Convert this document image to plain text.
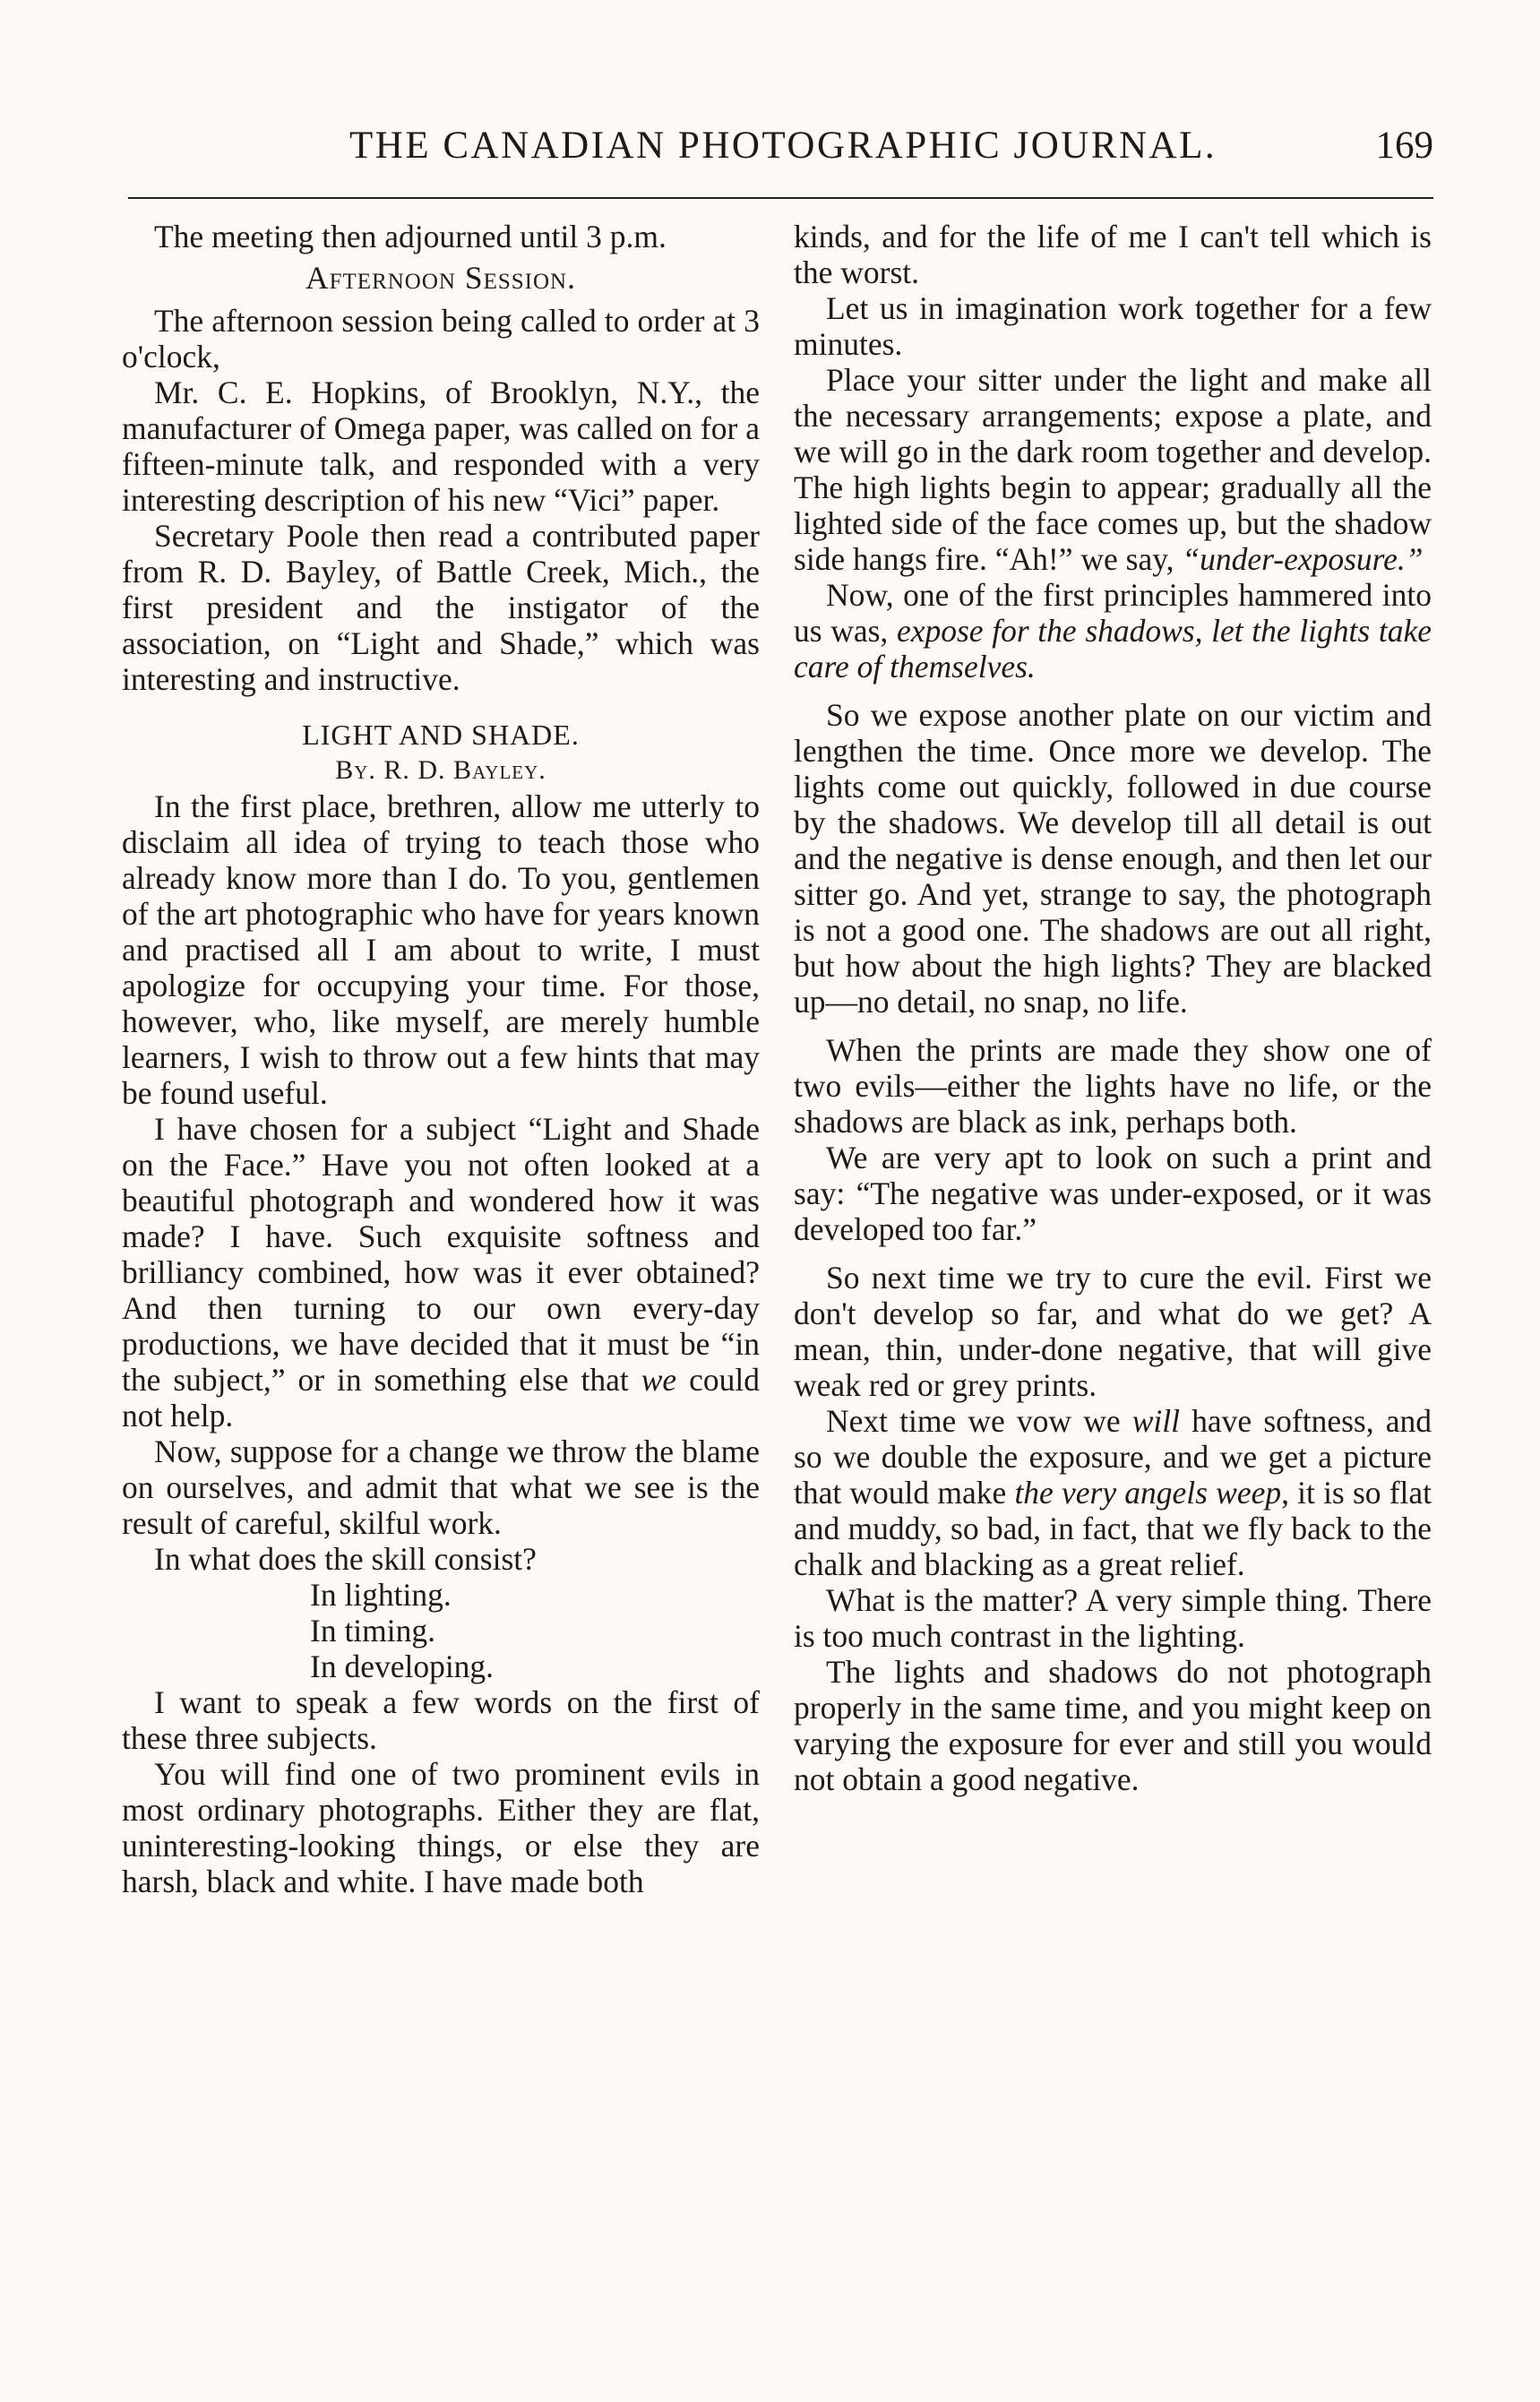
THE CANADIAN PHOTOGRAPHIC JOURNAL.	169

The meeting then adjourned until 3 p.m.

Afternoon Session.

The afternoon session being called to order at 3 o'clock,

Mr. C. E. Hopkins, of Brooklyn, N.Y., the manufacturer of Omega paper, was called on for a fifteen-minute talk, and responded with a very interesting description of his new “Vici” paper.

Secretary Poole then read a contributed paper from R. D. Bayley, of Battle Creek, Mich., the first president and the instigator of the association, on “Light and Shade,” which was interesting and instructive.

LIGHT AND SHADE.

By. R. D. Bayley.

In the first place, brethren, allow me utterly to disclaim all idea of trying to teach those who already know more than I do. To you, gentlemen of the art photographic who have for years known and practised all I am about to write, I must apologize for occupying your time. For those, however, who, like myself, are merely humble learners, I wish to throw out a few hints that may be found useful.

I have chosen for a subject “Light and Shade on the Face.” Have you not often looked at a beautiful photograph and wondered how it was made? I have. Such exquisite softness and brilliancy combined, how was it ever obtained? And then turning to our own every-day productions, we have decided that it must be “in the subject,” or in something else that we could not help.

Now, suppose for a change we throw the blame on ourselves, and admit that what we see is the result of careful, skilful work.

In what does the skill consist?

In lighting.

In timing.

In developing.

I want to speak a few words on the first of these three subjects.

You will find one of two prominent evils in most ordinary photographs. Either they are flat, uninteresting-looking things, or else they are harsh, black and white. I have made both

kinds, and for the life of me I can't tell which is the worst.

Let us in imagination work together for a few minutes.

Place your sitter under the light and make all the necessary arrangements; expose a plate, and we will go in the dark room together and develop. The high lights begin to appear; gradually all the lighted side of the face comes up, but the shadow side hangs fire. “Ah!” we say, “under-exposure.”

Now, one of the first principles hammered into us was, expose for the shadows, let the lights take care of themselves.

So we expose another plate on our victim and lengthen the time. Once more we develop. The lights come out quickly, followed in due course by the shadows. We develop till all detail is out and the negative is dense enough, and then let our sitter go. And yet, strange to say, the photograph is not a good one. The shadows are out all right, but how about the high lights? They are blacked up—no detail, no snap, no life.

When the prints are made they show one of two evils—either the lights have no life, or the shadows are black as ink, perhaps both.

We are very apt to look on such a print and say: “The negative was under-exposed, or it was developed too far.”

So next time we try to cure the evil. First we don't develop so far, and what do we get? A mean, thin, under-done negative, that will give weak red or grey prints.

Next time we vow we will have softness, and so we double the exposure, and we get a picture that would make the very angels weep, it is so flat and muddy, so bad, in fact, that we fly back to the chalk and blacking as a great relief.

What is the matter? A very simple thing. There is too much contrast in the lighting.

The lights and shadows do not photograph properly in the same time, and you might keep on varying the exposure for ever and still you would not obtain a good negative.
